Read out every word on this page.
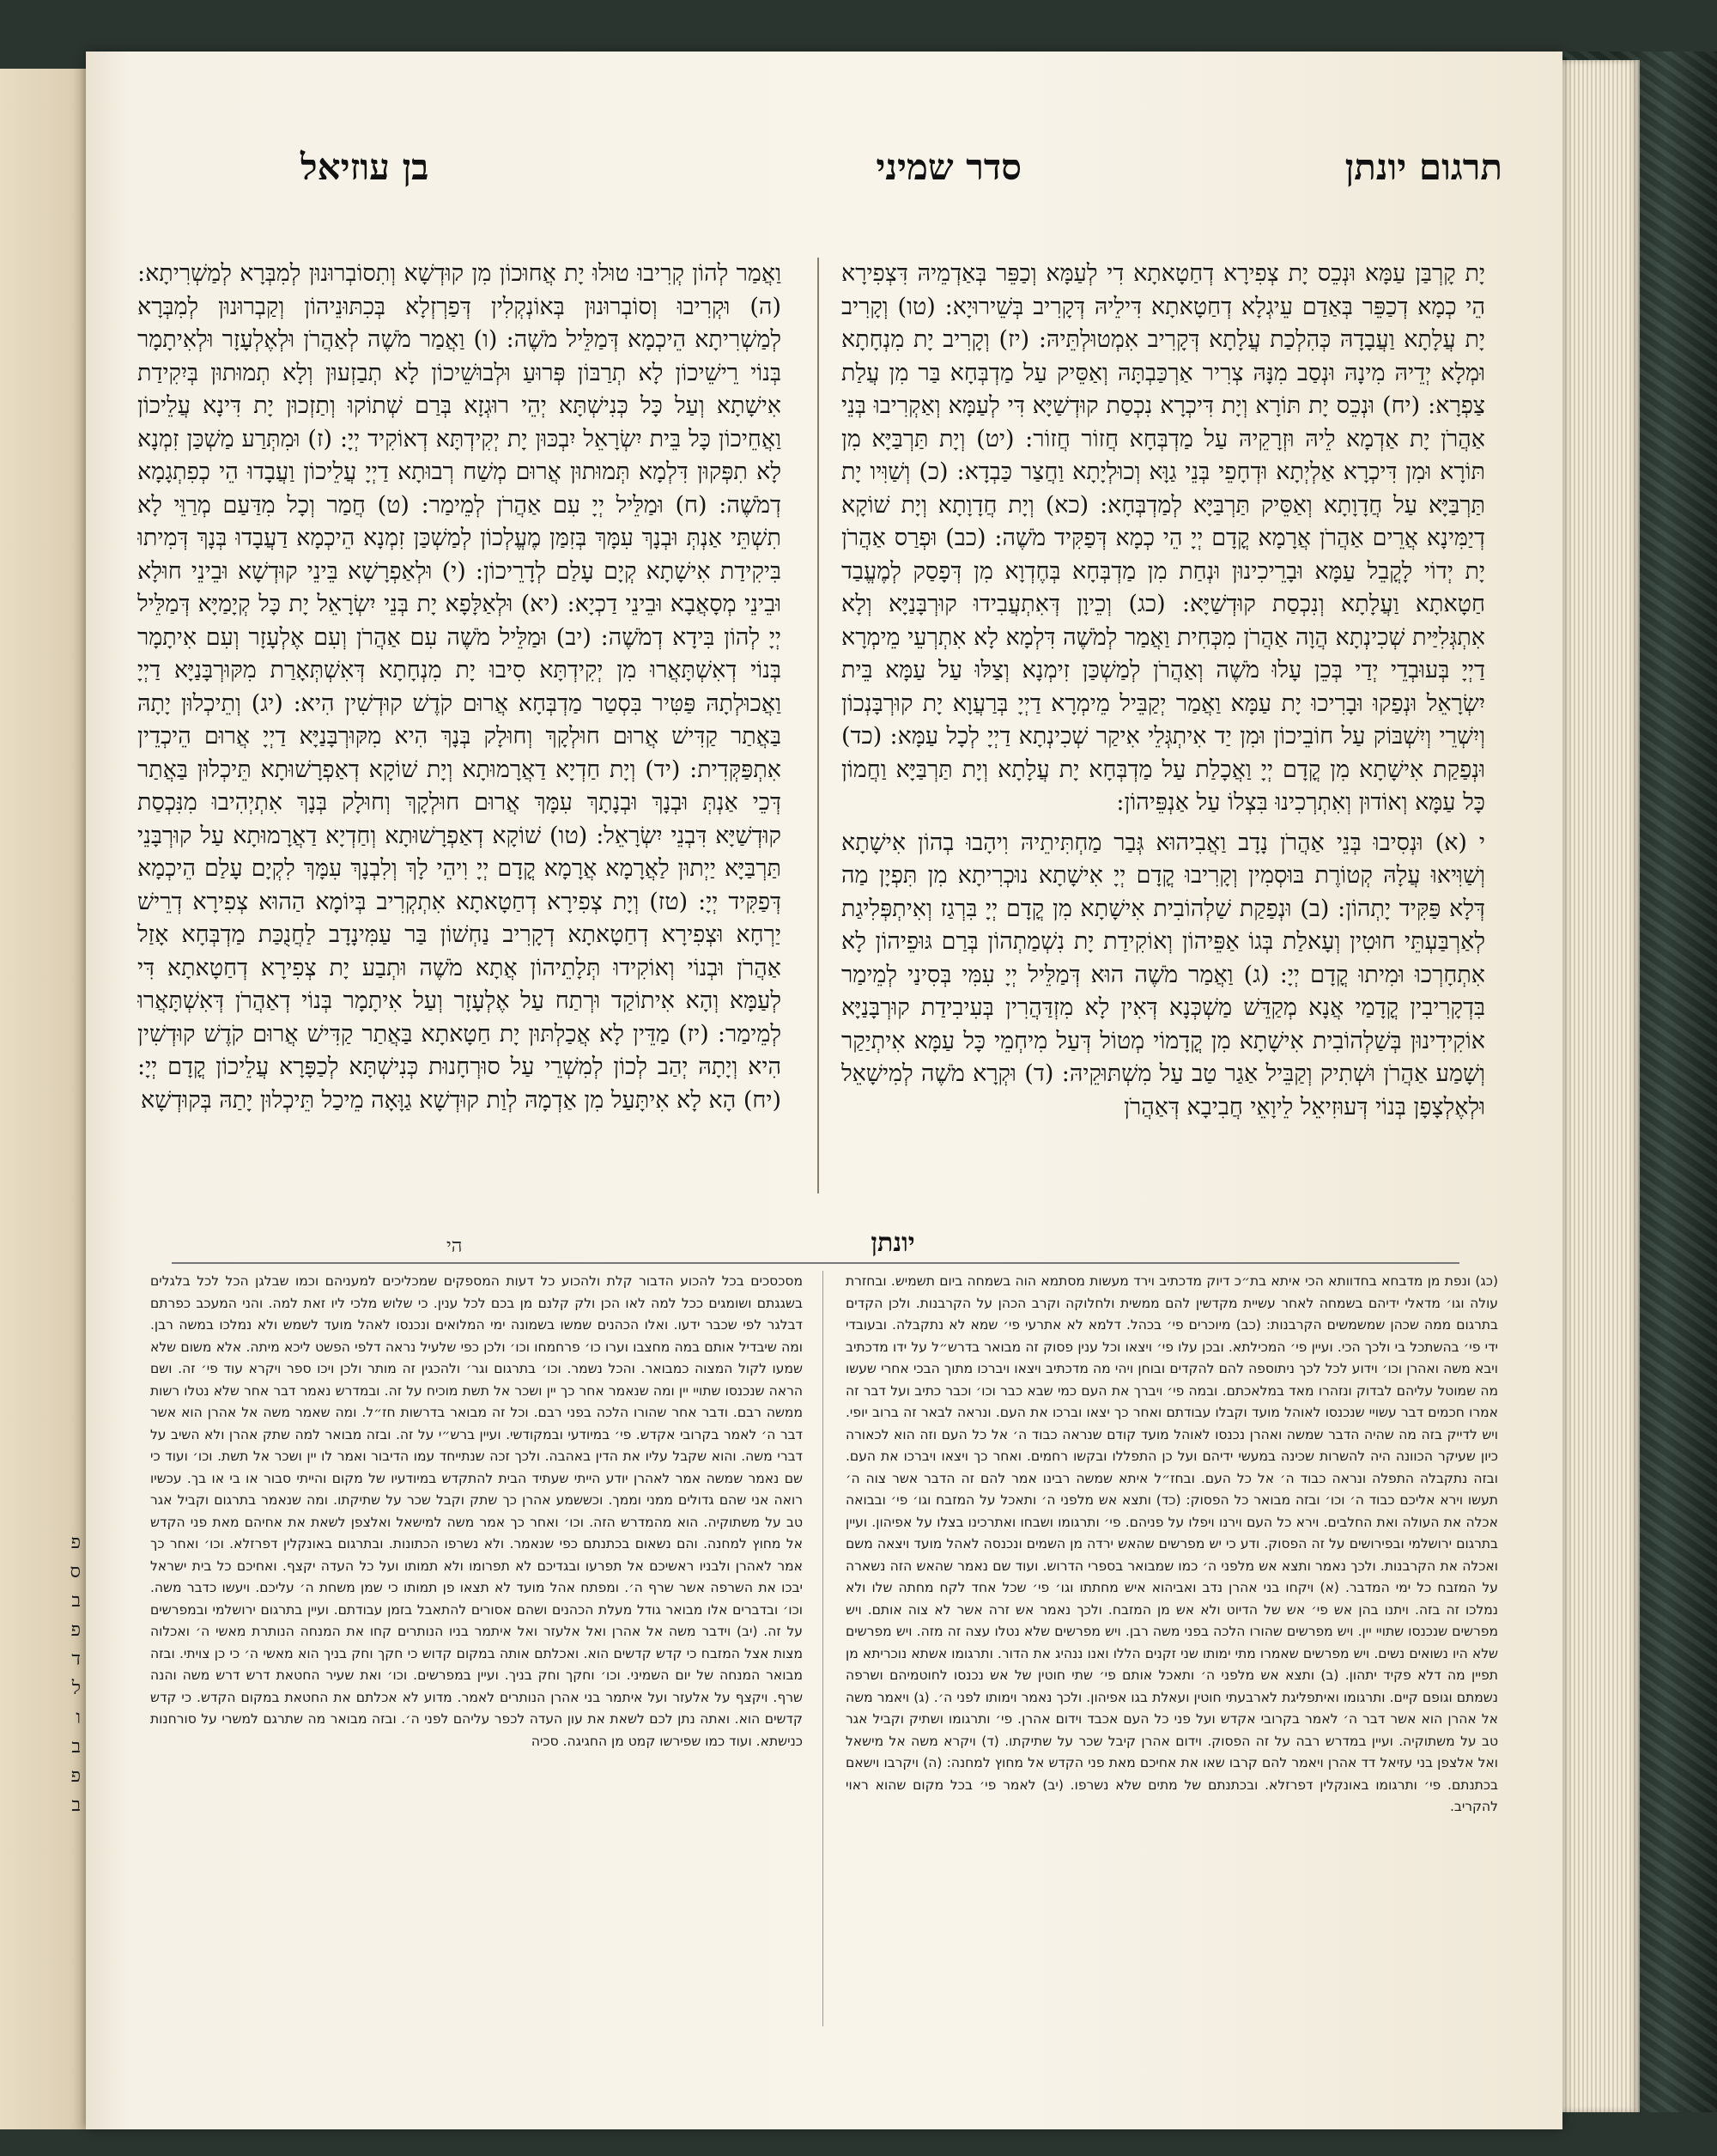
פ
ס
ב
פ
ד
ל
ו
ב
פ
ב
תרגום יונתן
סדר שמיני
בן עוזיאל

יָת קָרְבַּן עַמָּא וּנְכֵס יָת צְפִירָא דְחַטָאתָא דִי לְעַמָּא וְכַפֵּר בְּאַדְמֵיהּ דִּצְפִירָא הֵי כְמָא דְכַפֵּר בְּאַדַם עֵיגְלָא דְחַטָאתָא דִּילֵיהּ דְּקָרִיב בְּשֵׁירוּיָא: (טו) וְקָרִיב יָת עֲלָתָא וַעֲבָדָהּ כְּהִלְכַת עֲלָתָא דְּקָרִיב אִמְטוּלְתֵּיהּ: (יז) וְקָרִיב יָת מִנְחָתָא וּמְלָא יְדֵיהּ מִינָהּ וּנְסַב מִנָּהּ צְרִיר אַרְכַּבְתָּהּ וְאַסֵּיק עַל מַדְבְּחָא בַּר מִן עֲלַת צַפְרָא: (יח) וּנְכֵס יָת תּוֹרָא וְיָת דִּיכְרָא נִכְסַת קוּדְשַׁיָּא דִּי לְעַמָּא וְאַקְרִיבוּ בְּנֵי אַהֲרֹן יָת אַדְמָא לֵיהּ וּזְרָקֵיהּ עַל מַדְבְּחָא חֲזוֹר חֲזוֹר: (יט) וְיָת תַּרְבַּיָּא מִן תּוֹרָא וּמִן דִּיכְרָא אַלְיְתָא וּדְחָפֵי בְּנֵי גַוָּא וְכוּלְיָתָא וַחֲצַר כַּבְדָא: (כ) וְשַׁוִּיו יָת תַּרְבַּיָּא עַל חֲדָוָתָא וְאַסֵּיק תַּרְבַּיָּא לְמַדְבְּחָא: (כא) וְיָת חֲדָוָתָא וְיָת שׁוֹקָא דְיַמִּינָא אֲרֵים אַהֲרֹן אֲרָמָא קֳדָם יְיָ הֵי כְמָא דְּפַקִּיד מֹשֶׁה: (כב) וּפְרַס אַהֲרֹן יָת יְדוֹי לָקֳבֵל עַמָּא וּבָרֵיכִינוּן וּנְחַת מִן מַדְבְּחָא בְּחֶדְוָא מִן דְּפָסַק לְמֶעֱבַד חַטָאתָא וַעֲלָתָא וְנִכְסַת קוּדְשַׁיָּא: (כג) וְכֵיוָן דְּאִתְעֲבִידוּ קוּרְבָּנַיָּא וְלָא אִתְגְּלִיַּית שְׁכִינְתָא הֲוָה אַהֲרֹן מִכְּחִית וַאֲמַר לְמֹשֶׁה דִּלְמָא לָא אִתְרְעֵי מֵימְרָא דַיְיָ בְּעוּבְדֵי יְדַי בְּכֵן עָלוּ מֹשֶׁה וְאַהֲרֹן לְמַשְׁכַּן זִימְנָא וְצַלּוּ עַל עַמָּא בֵּית יִשְׂרָאֵל וּנְפַקוּ וּבָרִיכוּ יָת עַמָּא וַאֲמַר יְקַבֵּיל מֵימְרָא דַיְיָ בְּרַעֲוָא יָת קוּרְבָּנְכוֹן וְיִשְׁרֵי וְיִשְׁבּוֹק עַל חוֹבֵיכוֹן וּמִן יַד אִיתְגְּלֵי אִיקַר שְׁכִינְתָא דַיְיָ לְכָל עַמָּא: (כד) וּנְפַקַת אִישָׁתָא מִן קֳדָם יְיָ וַאֲכָלַת עַל מַדְבְּחָא יָת עֲלָתָא וְיָת תַּרְבַּיָּא וַחֲמוֹן כָּל עַמָּא וְאוֹדוּן וְאִתְרְכִינוּ בִּצְלוֹ עַל אַנְפֵּיהוֹן:

י (א) וּנְסִיבוּ בְּנֵי אַהֲרֹן נָדָב וַאֲבִיהוּא גְּבַר מַחְתִּיתֵיהּ וִיהָבוּ בְהוֹן אִישָׁתָא וְשַׁוִּיאוּ עֲלָהּ קְטוֹרֶת בּוּסְמִין וְקָרִיבוּ קֳדָם יְיָ אִישָׁתָא נוּכְרִיתָא מִן תִּפְיָן מַה דְּלָא פַּקִּיד יָתְהוֹן: (ב) וּנְפַקַת שַׁלְהוֹבִית אִישָׁתָא מִן קֳדָם יְיָ בִּרְגַז וְאִיתְפְּלִיגַת לְאַרְבַּעְתֵּי חוּטִין וְעָאלַת בְּגוֹ אַפֵּיהוֹן וְאוֹקִידַת יָת נִשְׁמַתְהוֹן בְּרַם גּוּפֵיהוֹן לָא אִתְחָרְכוּ וּמִיתוּ קֳדָם יְיָ: (ג) וַאֲמַר מֹשֶׁה הוּא דְּמַלֵּיל יְיָ עִמִּי בְּסִינַי לְמֵימַר בִּדְקָרִיבִין קֳדָמַי אֲנָא מְקַדֵּשׁ מַשְׁכְּנָא דְּאִין לָא מִזְדַּהֲרִין בְּעִיבִידַת קוּרְבָּנַיָּא אוֹקִידִינוּן בְּשַׁלְהוֹבִית אִישָׁתָא מִן קֳדָמוֹי מְטוֹל דְּעַל מִיחְמֵי כָּל עַמָּא אִיתְיַקַר וְשָׁמַע אַהֲרֹן וּשְׁתִיק וְקַבֵּיל אַגַר טַב עַל מִשְׁתּוּקֵיהּ: (ד) וּקְרָא מֹשֶׁה לְמִישָׁאֵל וּלְאֶלְצָפָן בְּנוֹי דְּעוּזִיאֵל לֵיוָאֵי חֲבִיבָא דְּאַהֲרֹן

וַאֲמַר לְהוֹן קְרִיבוּ טוּלוּ יָת אֲחוּכוֹן מִן קוּדְשָׁא וְתִסוֹבְרוּנוּן לְמִבְּרָא לְמַשְׁרִיתָא: (ה) וּקְרִיבוּ וְסוֹבְרוּנוּן בְּאוֹנְקְלִין דְּפַרְזְלָא בְּכִתּוּנֵיהוֹן וְקַבְרוּנוּן לְמִבְּרָא לְמַשְׁרִיתָא הֵיכְמָא דְּמַלֵּיל מֹשֶׁה: (ו) וַאֲמַר מֹשֶׁה לְאַהֲרֹן וּלְאֶלְעָזָר וּלְאִיתָמָר בְּנוֹי רֵישֵׁיכוֹן לָא תְרַבּוֹן פְּרוּעַ וּלְבוּשֵׁיכוֹן לָא תְבַזְעוּן וְלָא תְמוּתוּן בְּיִקִידַת אִישָׁתָא וְעַל כָּל כְּנִישְׁתָּא יְהֵי רוּגְזָא בְּרַם שְׁתוֹקוּ וְתַזְכוּן יָת דִּינָא עֲלֵיכוֹן וַאֲחֵיכוֹן כָּל בֵּית יִשְׂרָאֵל יִבְכּוּן יָת יְקִידְתָּא דְאוֹקִיד יְיָ: (ז) וּמִתְּרַע מַשְׁכַּן זִמְנָא לָא תִפְּקוּן דִּלְמָא תְּמוּתוּן אֲרוּם מְשַׁח רְבוּתָא דַיְיָ עֲלֵיכוֹן וַעֲבָדוּ הֵי כְפִתְגָמָא דְמֹשֶׁה: (ח) וּמַלֵּיל יְיָ עִם אַהֲרֹן לְמֵימַר: (ט) חֲמַר וְכָל מִדַּעַם מְרַוֵּי לָא תִשְׁתֵּי אַנְתְּ וּבְנָךְ עִמָּךְ בְּזִמַּן מֶעֱלְכוֹן לְמַשְׁכַּן זִמְנָא הֵיכְמָא דַעֲבָדוּ בְּנָךְ דְּמִיתוּ בִּיקִידַת אִישָׁתָא קְיָם עָלַם לְדָרֵיכוֹן: (י) וּלְאַפְרָשָׁא בֵּינֵי קוּדְשָׁא וּבֵינֵי חוּלָא וּבֵינֵי מְסָאֲבָא וּבֵינֵי דַכְיָא: (יא) וּלְאַלָּפָא יָת בְּנֵי יִשְׂרָאֵל יָת כָּל קְיָמַיָּא דְּמַלֵּיל יְיָ לְהוֹן בִּידָא דְמֹשֶׁה: (יב) וּמַלֵּיל מֹשֶׁה עִם אַהֲרֹן וְעִם אֶלְעָזָר וְעִם אִיתָמָר בְּנוֹי דְאִשְׁתָּאֲרוּ מִן יְקִידְתָּא סִיבוּ יָת מִנְחָתָא דְּאִשְׁתְּאָרַת מִקּוּרְבָּנַיָּא דַיְיָ וַאֲכוּלְתָהּ פַּטִּיר בִּסְטַר מַדְבְּחָא אֲרוּם קֹדֶשׁ קוּדְשִׁין הִיא: (יג) וְתֵיכְלוּן יָתָהּ בַּאֲתַר קַדִּישׁ אֲרוּם חוּלְקָךְ וְחוּלָק בְּנָךְ הִיא מִקּוּרְבָּנַיָּא דַיְיָ אֲרוּם הֵיכְדֵין אִתְפַּקְּדִית: (יד) וְיָת חַדְיָא דַאֲרָמוּתָא וְיָת שׁוֹקָא דְאַפְרָשׁוּתָא תֵּיכְלוּן בַּאֲתַר דְּכֵי אַנְתְּ וּבְנָךְ וּבְנָתָךְ עִמָּךְ אֲרוּם חוּלְקָךְ וְחוּלָק בְּנָךְ אִתְיְהִיבוּ מִנִּכְסַת קוּדְשַׁיָּא דִּבְנֵי יִשְׂרָאֵל: (טו) שׁוֹקָא דְאַפְרָשׁוּתָא וְחַדְיָא דַאֲרָמוּתָא עַל קוּרְבָּנֵי תַּרְבַּיָּא יַיְתוּן לַאֲרָמָא אֲרָמָא קֳדָם יְיָ וִיהֵי לָךְ וְלִבְנָךְ עִמָּךְ לִקְיָם עָלַם הֵיכְמָא דְּפַקִּיד יְיָ: (טז) וְיָת צְפִירָא דְחַטָאתָא אִתְקְרִיב בְּיוֹמָא הַהוּא צְפִירָא דְרֵישׁ יַרְחָא וּצְפִירָא דְחַטָאתָא דְקָרִיב נַחְשׁוֹן בַּר עַמִּינָדָב לַחֲנֻכַּת מַדְבְּחָא אָזַל אַהֲרֹן וּבְנוֹי וְאוֹקִידוּ תְּלָתֵיהוֹן אֲתָא מֹשֶׁה וּתְבַע יָת צְפִירָא דְחַטָאתָא דִּי לְעַמָּא וְהָא אִיתוֹקַד וּרְתַח עַל אֶלְעָזָר וְעַל אִיתָמָר בְּנוֹי דְאַהֲרֹן דְּאִשְׁתָּאֲרוּ לְמֵימַר: (יז) מַדֵּין לָא אֲכַלְתּוּן יָת חַטָאתָא בַּאֲתַר קַדִּישׁ אֲרוּם קֹדֶשׁ קוּדְשִׁין הִיא וְיָתָהּ יְהַב לְכוֹן לְמִשְׁרֵי עַל סוּרְחָנוּת כְּנִישְׁתָּא לְכַפָּרָא עֲלֵיכוֹן קֳדָם יְיָ: (יח) הָא לָא אִיתָּעַל מִן אַדְמָהּ לְוַת קוּדְשָׁא גַוָּאָה מֵיכַל תֵּיכְלוּן יָתַהּ בְּקוּדְשָׁא

הי	יונתן

(כג) ונפת מן מדבחא בחדוותא הכי איתא בת״כ דיוק מדכתיב וירד מעשות מסתמא הוה בשמחה ביום תשמיש. ובחזרת עולה וגו׳ מדאלי ידיהם בשמחה לאחר עשיית מקדשין להם ממשית ולחלוקה וקרב הכהן על הקרבנות. ולכן הקדים בתרגום ממה שכהן שמשמשים הקרבנות: (כב) מיוכרים פי׳ בכהל. דלמא לא אתרעי פי׳ שמא לא נתקבלה. ובעובדי ידי פי׳ בהשתכל בי ולכך הכי. ועיין פי׳ המכילתא. ובכן עלו פי׳ ויצאו וכל ענין פסוק זה מבואר בדרש״ל על ידו מדכתיב ויבא משה ואהרן וכו׳ וידוע לכל לכך ניתוספה להם להקדים ובוחן ויהי מה מדכתיב ויצאו ויברכו מתוך הבכי אחרי שעשו מה שמוטל עליהם לבדוק ונזהרו מאד במלאכתם. ובמה פי׳ ויברך את העם כמי שבא כבר וכו׳ וכבר כתיב ועל דבר זה אמרו חכמים דבר עשויי שנכנסו לאוהל מועד וקבלו עבודתם ואחר כך יצאו וברכו את העם. ונראה לבאר זה ברוב יופי. ויש לדייק בזה מה שהיה הדבר שמשה ואהרן נכנסו לאוהל מועד קודם שנראה כבוד ה׳ אל כל העם וזה הוא לכאורה כיון שעיקר הכוונה היה להשרות שכינה במעשי ידיהם ועל כן התפללו ובקשו רחמים. ואחר כך ויצאו ויברכו את העם. ובזה נתקבלה התפלה ונראה כבוד ה׳ אל כל העם. ובחז״ל איתא שמשה רבינו אמר להם זה הדבר אשר צוה ה׳ תעשו וירא אליכם כבוד ה׳ וכו׳ ובזה מבואר כל הפסוק: (כד) ותצא אש מלפני ה׳ ותאכל על המזבח וגו׳ פי׳ ובבואה אכלה את העולה ואת החלבים. וירא כל העם וירנו ויפלו על פניהם. פי׳ ותרגומו ושבחו ואתרכינו בצלו על אפיהון. ועיין בתרגום ירושלמי ובפירושים על זה הפסוק. ודע כי יש מפרשים שהאש ירדה מן השמים ונכנסה לאהל מועד ויצאה משם ואכלה את הקרבנות. ולכך נאמר ותצא אש מלפני ה׳ כמו שמבואר בספרי הדרוש. ועוד שם נאמר שהאש הזה נשארה על המזבח כל ימי המדבר. (א) ויקחו בני אהרן נדב ואביהוא איש מחתתו וגו׳ פי׳ שכל אחד לקח מחתה שלו ולא נמלכו זה בזה. ויתנו בהן אש פי׳ אש של הדיוט ולא אש מן המזבח. ולכך נאמר אש זרה אשר לא צוה אותם. ויש מפרשים שנכנסו שתויי יין. ויש מפרשים שהורו הלכה בפני משה רבן. ויש מפרשים שלא נטלו עצה זה מזה. ויש מפרשים שלא היו נשואים נשים. ויש מפרשים שאמרו מתי ימותו שני זקנים הללו ואנו ננהיג את הדור. ותרגומו אשתא נוכריתא מן תפיין מה דלא פקיד יתהון. (ב) ותצא אש מלפני ה׳ ותאכל אותם פי׳ שתי חוטין של אש נכנסו לחוטמיהם ושרפה נשמתם וגופם קיים. ותרגומו ואיתפליגת לארבעתי חוטין ועאלת בגו אפיהון. ולכך נאמר וימותו לפני ה׳. (ג) ויאמר משה אל אהרן הוא אשר דבר ה׳ לאמר בקרובי אקדש ועל פני כל העם אכבד וידום אהרן. פי׳ ותרגומו ושתיק וקביל אגר טב על משתוקיה. ועיין במדרש רבה על זה הפסוק. וידום אהרן קיבל שכר על שתיקתו. (ד) ויקרא משה אל מישאל ואל אלצפן בני עזיאל דד אהרן ויאמר להם קרבו שאו את אחיכם מאת פני הקדש אל מחוץ למחנה: (ה) ויקרבו וישאם בכתנתם. פי׳ ותרגומו באונקלין דפרזלא. ובכתנתם של מתים שלא נשרפו. (יב) לאמר פי׳ בכל מקום שהוא ראוי להקריב.

מסכסכים בכל להכוע הדבור קלת ולהכוע כל דעות המספקים שמכליכים למעניהם וכמו שבלגן הכל לכל בלגלים בשגגתם ושומגים ככל למה לאו הכן ולק קלנם מן בכם לכל ענין. כי שלוש מלכי ליו זאת למה. והני המעכב כפרתם דבלגר לפי שכבר ידעו. ואלו הכהנים שמשו בשמונה ימי המלואים ונכנסו לאהל מועד לשמש ולא נמלכו במשה רבן. ומה שיבדיל אותם במה מחצבו וערו כו׳ פרחמחו וכו׳ ולכן כפי שלעיל נראה דלפי הפשט ליכא מיתה. אלא משום שלא שמעו לקול המצוה כמבואר. והכל נשמר. וכו׳ בתרגום וגר׳ ולהכגין זה מותר ולכן ויכו ספר ויקרא עוד פי׳ זה. ושם הראה שנכנסו שתויי יין ומה שנאמר אחר כך יין ושכר אל תשת מוכיח על זה. ובמדרש נאמר דבר אחר שלא נטלו רשות ממשה רבם. ודבר אחר שהורו הלכה בפני רבם. וכל זה מבואר בדרשות חז״ל. ומה שאמר משה אל אהרן הוא אשר דבר ה׳ לאמר בקרובי אקדש. פי׳ במיודעי ובמקודשי. ועיין ברש״י על זה. ובזה מבואר למה שתק אהרן ולא השיב על דברי משה. והוא שקבל עליו את הדין באהבה. ולכך זכה שנתייחד עמו הדיבור ואמר לו יין ושכר אל תשת. וכו׳ ועוד כי שם נאמר שמשה אמר לאהרן יודע הייתי שעתיד הבית להתקדש במיודעיו של מקום והייתי סבור או בי או בך. עכשיו רואה אני שהם גדולים ממני וממך. וכששמע אהרן כך שתק וקבל שכר על שתיקתו. ומה שנאמר בתרגום וקביל אגר טב על משתוקיה. הוא מהמדרש הזה. וכו׳ ואחר כך אמר משה למישאל ואלצפן לשאת את אחיהם מאת פני הקדש אל מחוץ למחנה. והם נשאום בכתנתם כפי שנאמר. ולא נשרפו הכתונות. ובתרגום באונקלין דפרזלא. וכו׳ ואחר כך אמר לאהרן ולבניו ראשיכם אל תפרעו ובגדיכם לא תפרומו ולא תמותו ועל כל העדה יקצף. ואחיכם כל בית ישראל יבכו את השרפה אשר שרף ה׳. ומפתח אהל מועד לא תצאו פן תמותו כי שמן משחת ה׳ עליכם. ויעשו כדבר משה. וכו׳ ובדברים אלו מבואר גודל מעלת הכהנים ושהם אסורים להתאבל בזמן עבודתם. ועיין בתרגום ירושלמי ובמפרשים על זה. (יב) וידבר משה אל אהרן ואל אלעזר ואל איתמר בניו הנותרים קחו את המנחה הנותרת מאשי ה׳ ואכלוה מצות אצל המזבח כי קדש קדשים הוא. ואכלתם אותה במקום קדוש כי חקך וחק בניך הוא מאשי ה׳ כי כן צויתי. ובזה מבואר המנחה של יום השמיני. וכו׳ וחקך וחק בניך. ועיין במפרשים. וכו׳ ואת שעיר החטאת דרש דרש משה והנה שרף. ויקצף על אלעזר ועל איתמר בני אהרן הנותרים לאמר. מדוע לא אכלתם את החטאת במקום הקדש. כי קדש קדשים הוא. ואתה נתן לכם לשאת את עון העדה לכפר עליהם לפני ה׳. ובזה מבואר מה שתרגם למשרי על סורחנות כנישתא. ועוד כמו שפירשו קמט מן החגיגה. סכיה
